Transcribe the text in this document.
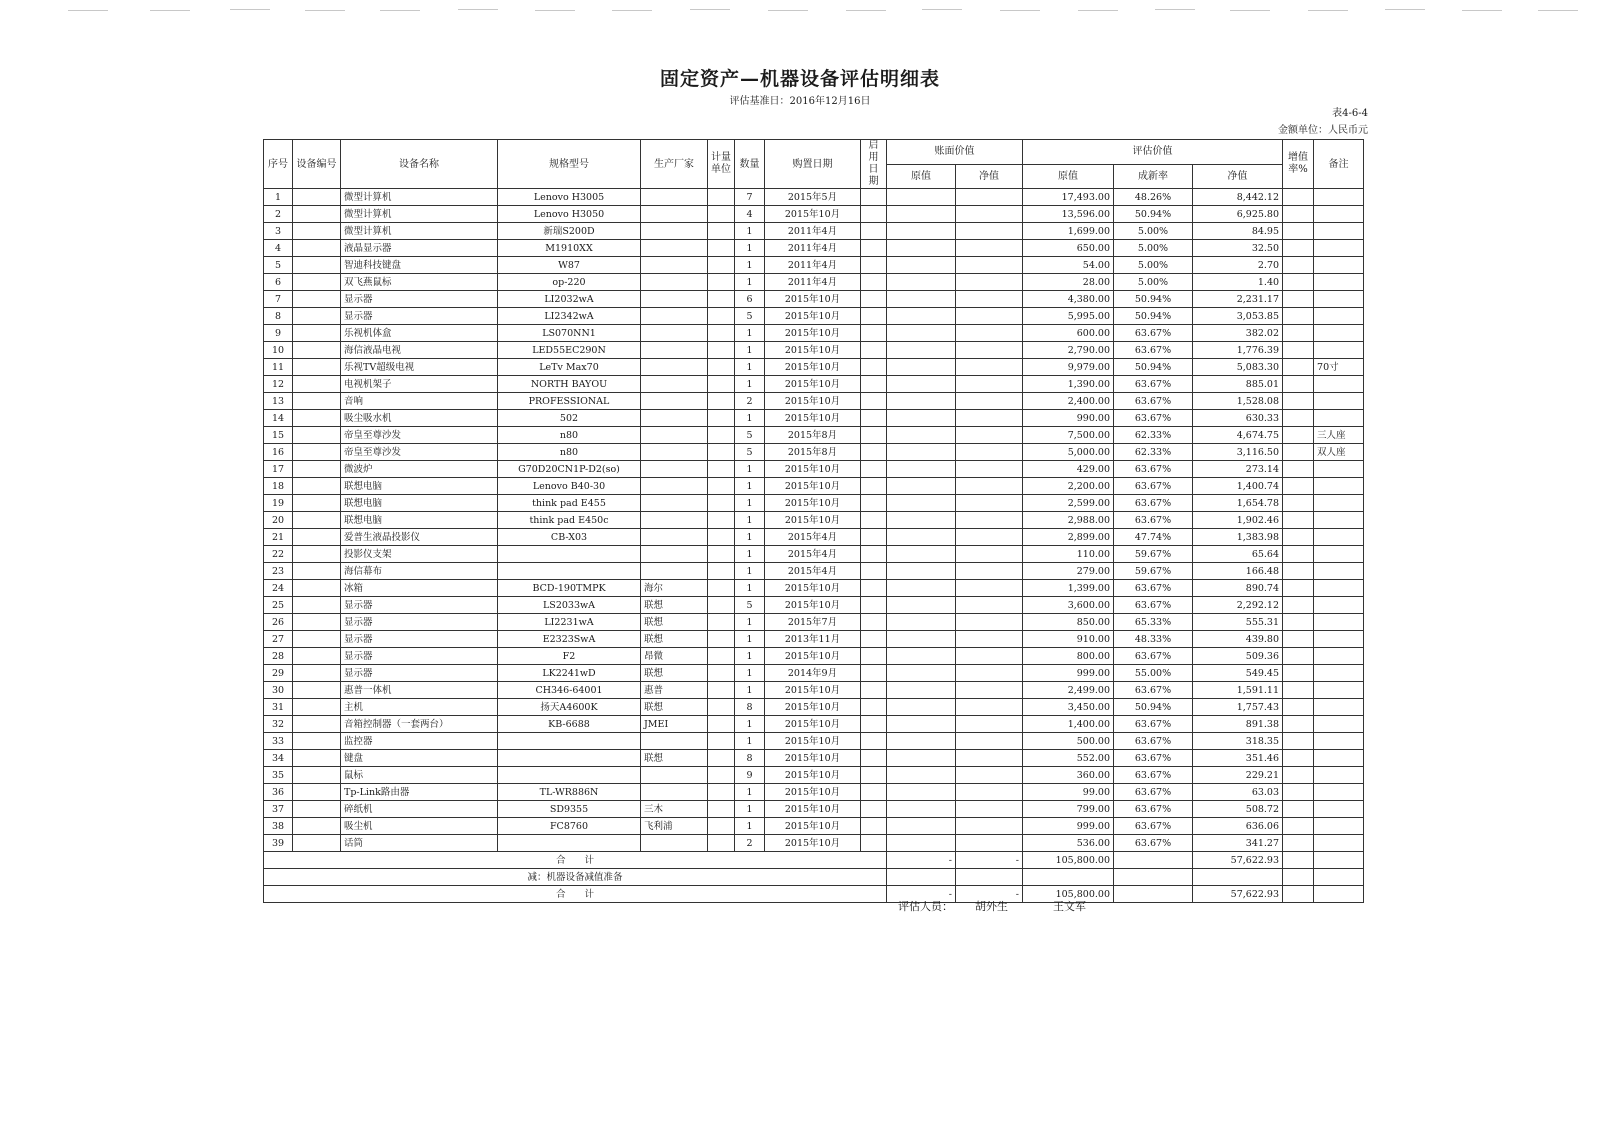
固定资产—机器设备评估明细表
评估基准日：2016年12月16日
表4-6-4
金额单位：人民币元
序号	设备编号	设备名称	规格型号	生产厂家	计量单位	数量	购置日期	启用日期	账面价值		评估价值			增值率%	备注
									原值	净值	原值	成新率	净值		
1		微型计算机	Lenovo H3005			7	2015年5月				17,493.00	48.26%	8,442.12		
2		微型计算机	Lenovo H3050			4	2015年10月				13,596.00	50.94%	6,925.80		
3		微型计算机	新瑞S200D			1	2011年4月				1,699.00	5.00%	84.95		
4		液晶显示器	M1910XX			1	2011年4月				650.00	5.00%	32.50		
5		智迪科技键盘	W87			1	2011年4月				54.00	5.00%	2.70		
6		双飞燕鼠标	op-220			1	2011年4月				28.00	5.00%	1.40		
7		显示器	LI2032wA			6	2015年10月				4,380.00	50.94%	2,231.17		
8		显示器	LI2342wA			5	2015年10月				5,995.00	50.94%	3,053.85		
9		乐视机体盒	LS070NN1			1	2015年10月				600.00	63.67%	382.02		
10		海信液晶电视	LED55EC290N			1	2015年10月				2,790.00	63.67%	1,776.39		
11		乐视TV超级电视	LeTv Max70			1	2015年10月				9,979.00	50.94%	5,083.30		70寸
12		电视机架子	NORTH BAYOU			1	2015年10月				1,390.00	63.67%	885.01		
13		音响	PROFESSIONAL			2	2015年10月				2,400.00	63.67%	1,528.08		
14		吸尘吸水机	502			1	2015年10月				990.00	63.67%	630.33		
15		帝皇至尊沙发	n80			5	2015年8月				7,500.00	62.33%	4,674.75		三人座
16		帝皇至尊沙发	n80			5	2015年8月				5,000.00	62.33%	3,116.50		双人座
17		微波炉	G70D20CN1P-D2(so)			1	2015年10月				429.00	63.67%	273.14		
18		联想电脑	Lenovo B40-30			1	2015年10月				2,200.00	63.67%	1,400.74		
19		联想电脑	think pad E455			1	2015年10月				2,599.00	63.67%	1,654.78		
20		联想电脑	think pad E450c			1	2015年10月				2,988.00	63.67%	1,902.46		
21		爱普生液晶投影仪	CB-X03			1	2015年4月				2,899.00	47.74%	1,383.98		
22		投影仪支架				1	2015年4月				110.00	59.67%	65.64		
23		海信幕布				1	2015年4月				279.00	59.67%	166.48		
24		冰箱	BCD-190TMPK	海尔		1	2015年10月				1,399.00	63.67%	890.74		
25		显示器	LS2033wA	联想		5	2015年10月				3,600.00	63.67%	2,292.12		
26		显示器	LI2231wA	联想		1	2015年7月				850.00	65.33%	555.31		
27		显示器	E2323SwA	联想		1	2013年11月				910.00	48.33%	439.80		
28		显示器	F2	昂微		1	2015年10月				800.00	63.67%	509.36		
29		显示器	LK2241wD	联想		1	2014年9月				999.00	55.00%	549.45		
30		惠普一体机	CH346-64001	惠普		1	2015年10月				2,499.00	63.67%	1,591.11		
31		主机	扬天A4600K	联想		8	2015年10月				3,450.00	50.94%	1,757.43		
32		音箱控制器（一套两台）	KB-6688	JMEI		1	2015年10月				1,400.00	63.67%	891.38		
33		监控器				1	2015年10月				500.00	63.67%	318.35		
34		键盘		联想		8	2015年10月				552.00	63.67%	351.46		
35		鼠标				9	2015年10月				360.00	63.67%	229.21		
36		Tp-Link路由器	TL-WR886N			1	2015年10月				99.00	63.67%	63.03		
37		碎纸机	SD9355	三木		1	2015年10月				799.00	63.67%	508.72		
38		吸尘机	FC8760	飞利浦		1	2015年10月				999.00	63.67%	636.06		
39		话筒				2	2015年10月				536.00	63.67%	341.27		
合　　计									-	-	105,800.00		57,622.93		
减：机器设备减值准备															
合　　计									-	-	105,800.00		57,622.93		
评估人员： 胡外生	王文军
